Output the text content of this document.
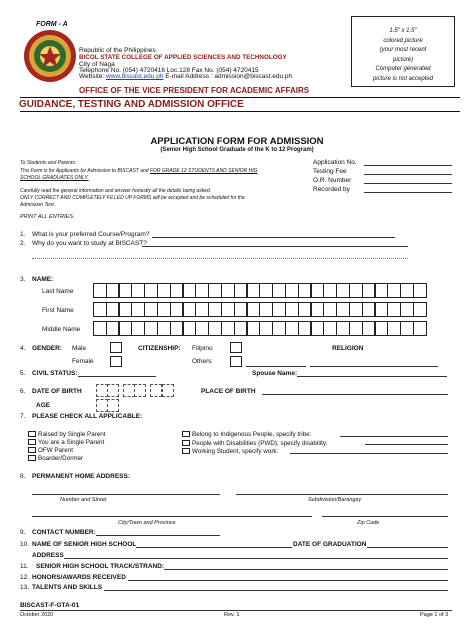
FORM - A
Republic of the Philippines
BICOL STATE COLLEGE OF APPLIED SCIENCES AND TECHNOLOGY
City of Naga
Telephone No. (054) 4720416 Loc.128 Fax No. (054) 4720415
Website: www.biscast.edu.ph E-mail Address : admission@biscast.edu.ph
OFFICE OF THE VICE PRESIDENT FOR ACADEMIC AFFAIRS
GUIDANCE, TESTING AND ADMISSION OFFICE
1.5" x 1.5"
colored picture
(your most recent
picture)
Computer generated
picture is not accepted
APPLICATION FORM FOR ADMISSION
(Senior High School Graduate of the K to 12 Program)
To Students and Parents:
This Form is for Applicants for Admission to BISCAST and FOR GRADE 12 STUDENTS AND SENIOR HIG
SCHOOL GRADUATES ONLY.
Carefully read the general information and answer honestly all the details being asked.
ONLY CORRECT AND COMPLETELY FILLED UP FORMS will be accepted and be scheduled for the
Admission Test.
PRINT ALL ENTRIES.
Application No.
Testing Fee
O.R. Number
Recorded by
1. What is your preferred Course/Program?
2. Why do you want to study at BISCAST?
3. NAME:
Last Name
First Name
Middle Name
4. GENDER: Male
Female
CITIZENSHIP: Filipino
Others
RELIGION
5. CIVIL STATUS:	Spouse Name:
6. DATE OF BIRTH	PLACE OF BIRTH
AGE
7. PLEASE CHECK ALL APPLICABLE:
Raised by Single Parent
You are a Single Parent
OFW Parent
Boarder/Dormer
Belong to Indigenous People, specify tribe:
People with Disabilities (PWD), specify disability:
Working Student, specify work:
8. PERMANENT HOME ADDRESS:
Number and Street	Subdivision/Barangay
City/Town and Province	Zip Code
9. CONTACT NUMBER:
10. NAME OF SENIOR HIGH SCHOOL	DATE OF GRADUATION
ADDRESS
11. SENIOR HIGH SCHOOL TRACK/STRAND:
12. HONORS/AWARDS RECEIVED
13. TALENTS AND SKILLS
BISCAST-F-GTA-01
October 2020	Rev. 1	Page 1 of 3
